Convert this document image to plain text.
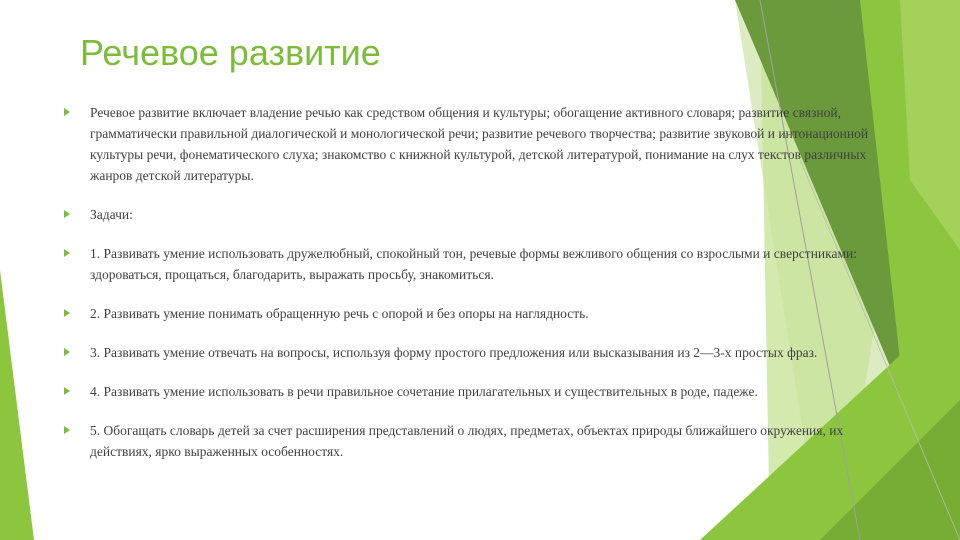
Речевое развитие
Речевое развитие включает владение речью как средством общения и культуры; обогащение активного словаря; развитие связной, грамматически правильной диалогической и монологической речи; развитие речевого творчества; развитие звуковой и интонационной культуры речи, фонематического слуха; знакомство с книжной культурой, детской литературой, понимание на слух текстов различных жанров детской литературы.
Задачи:
1. Развивать умение использовать дружелюбный, спокойный тон, речевые формы вежливого общения со взрослыми и сверстниками: здороваться, прощаться, благодарить, выражать просьбу, знакомиться.
2. Развивать умение понимать обращенную речь с опорой и без опоры на наглядность.
3. Развивать умение отвечать на вопросы, используя форму простого предложения или высказывания из 2—3-х простых фраз.
4. Развивать умение использовать в речи правильное сочетание прилагательных и существительных в роде, падеже.
5. Обогащать словарь детей за счет расширения представлений о людях, предметах, объектах природы ближайшего окружения, их действиях, ярко выраженных особенностях.
